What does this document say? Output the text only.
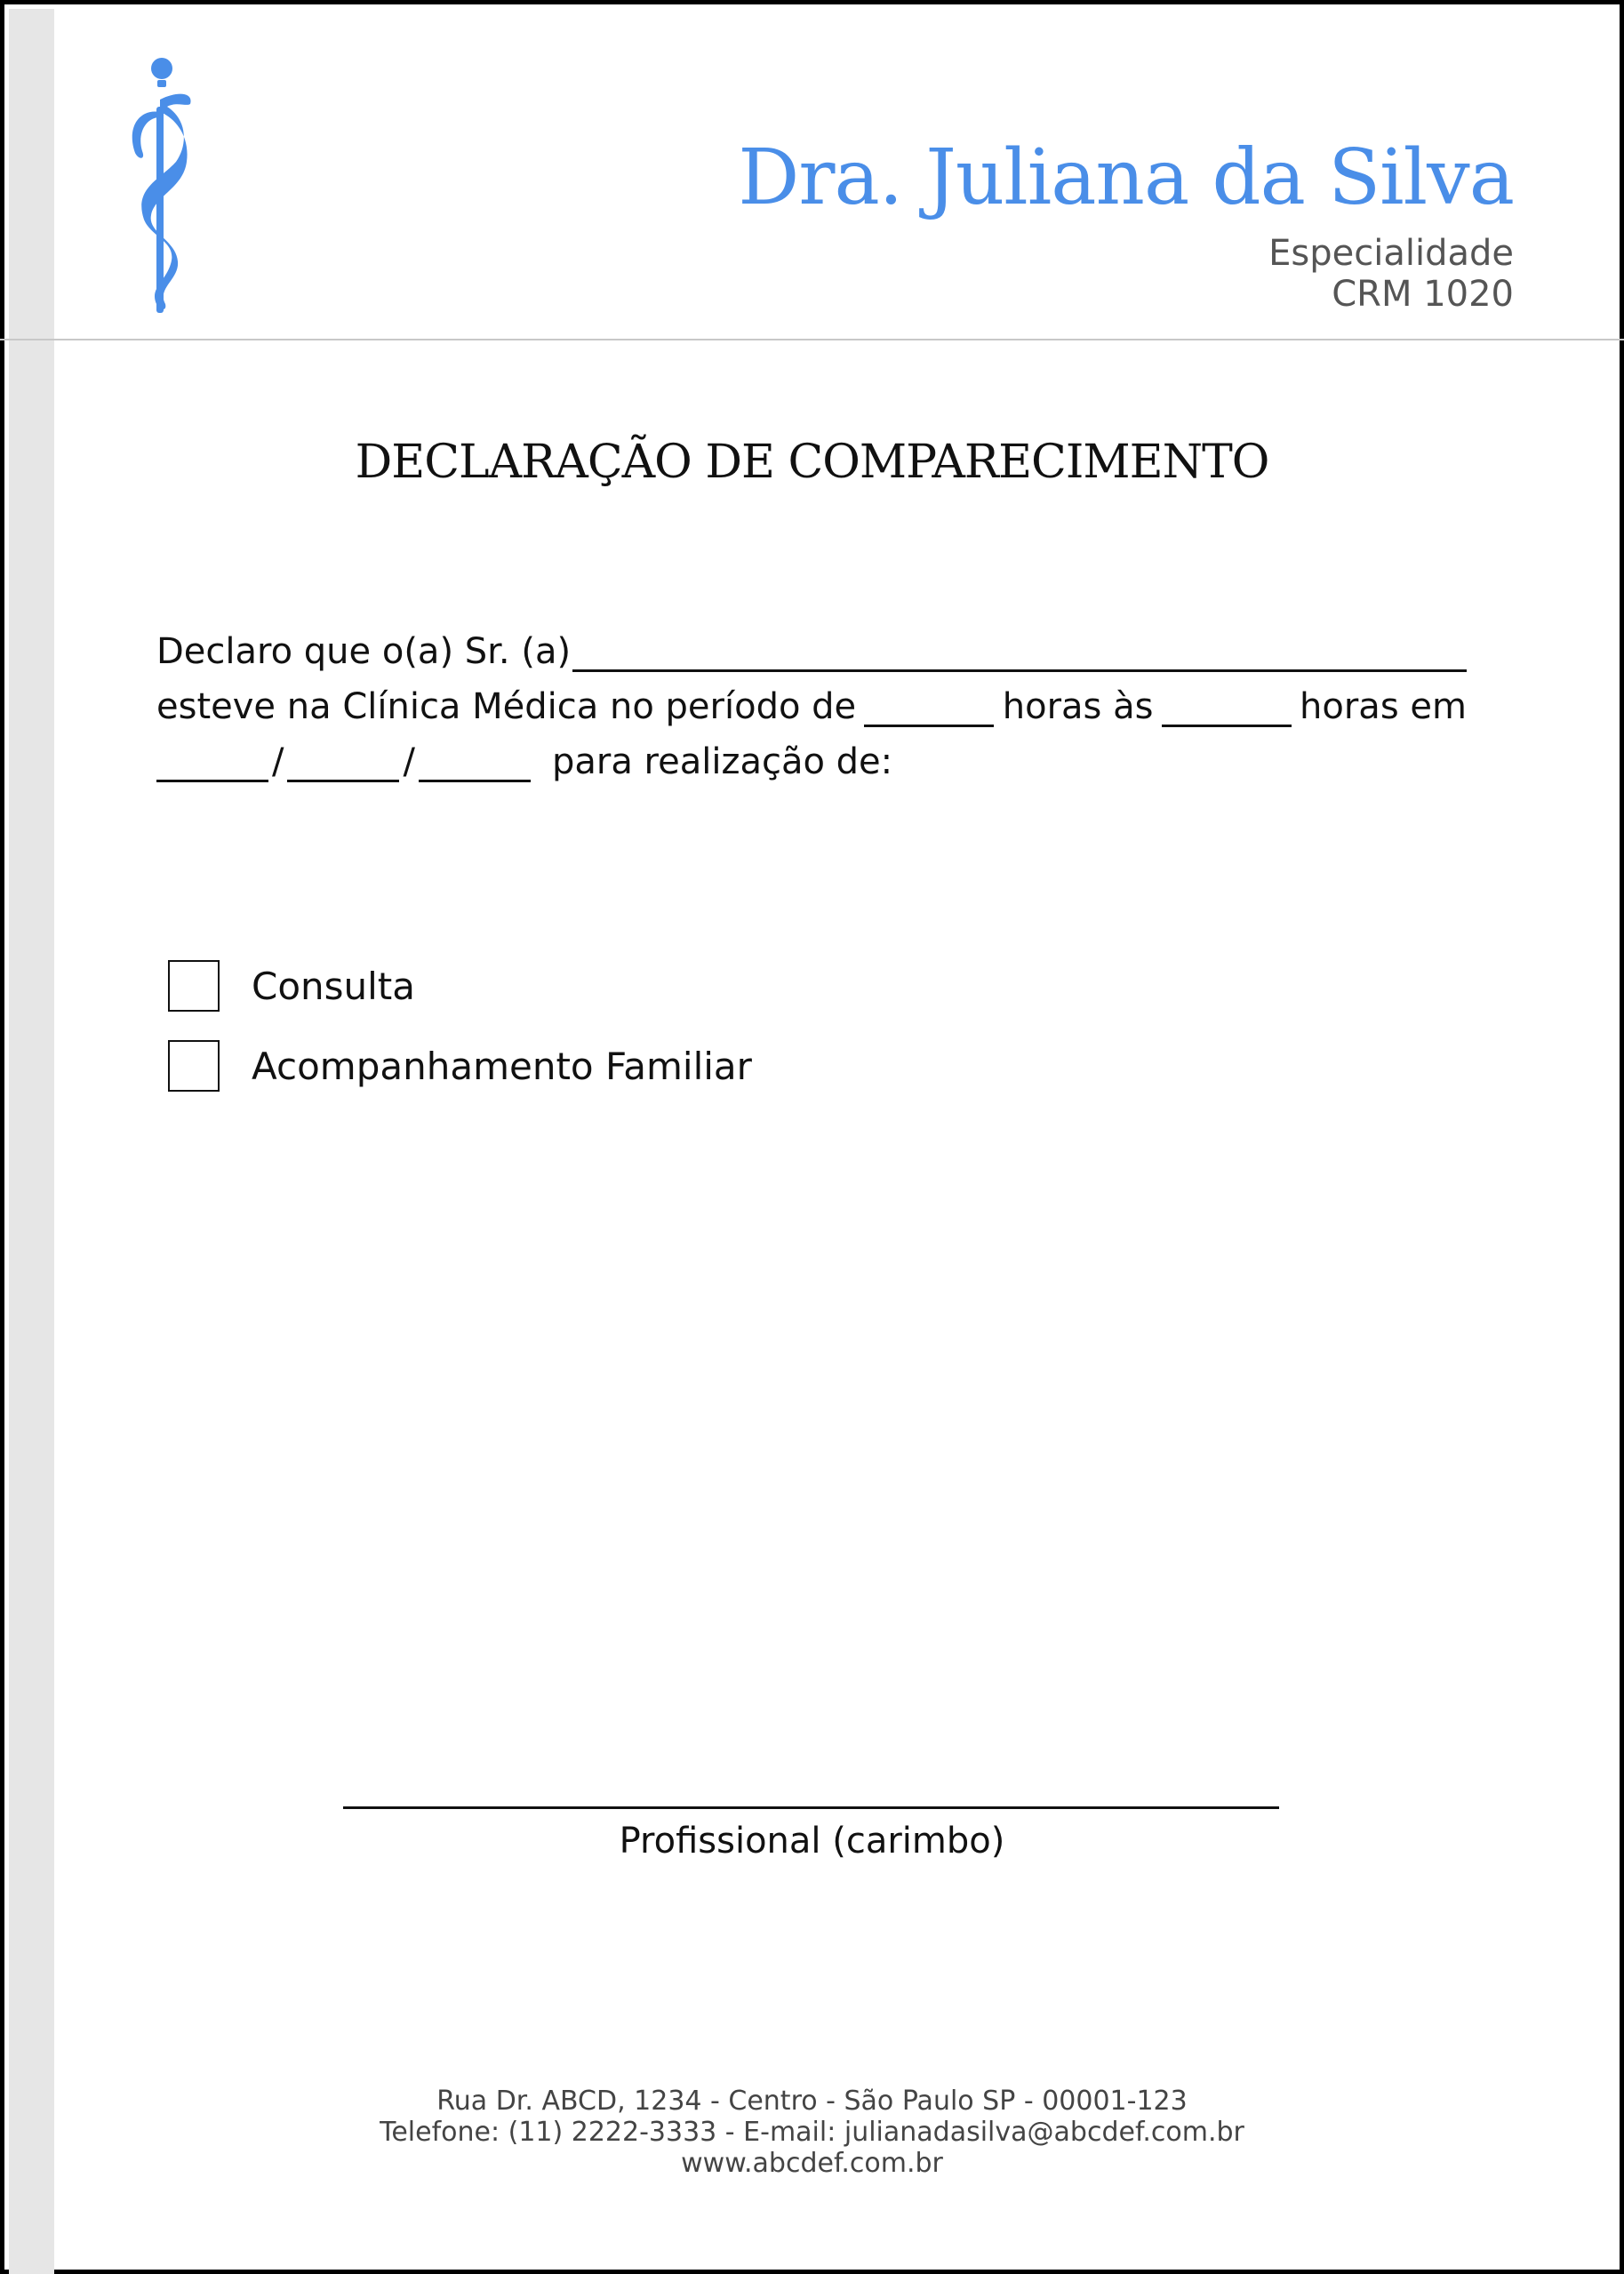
Dra. Juliana da Silva
Especialidade
CRM 1020
DECLARAÇÃO DE COMPARECIMENTO
Declaro que o(a) Sr. (a)
esteve na Clínica Médica no período de	horas às	horas em
/	/	para realização de:
Consulta
Acompanhamento Familiar
Profissional (carimbo)
Rua Dr. ABCD, 1234 - Centro - São Paulo SP - 00001-123
Telefone: (11) 2222-3333 - E-mail: julianadasilva@abcdef.com.br
www.abcdef.com.br
